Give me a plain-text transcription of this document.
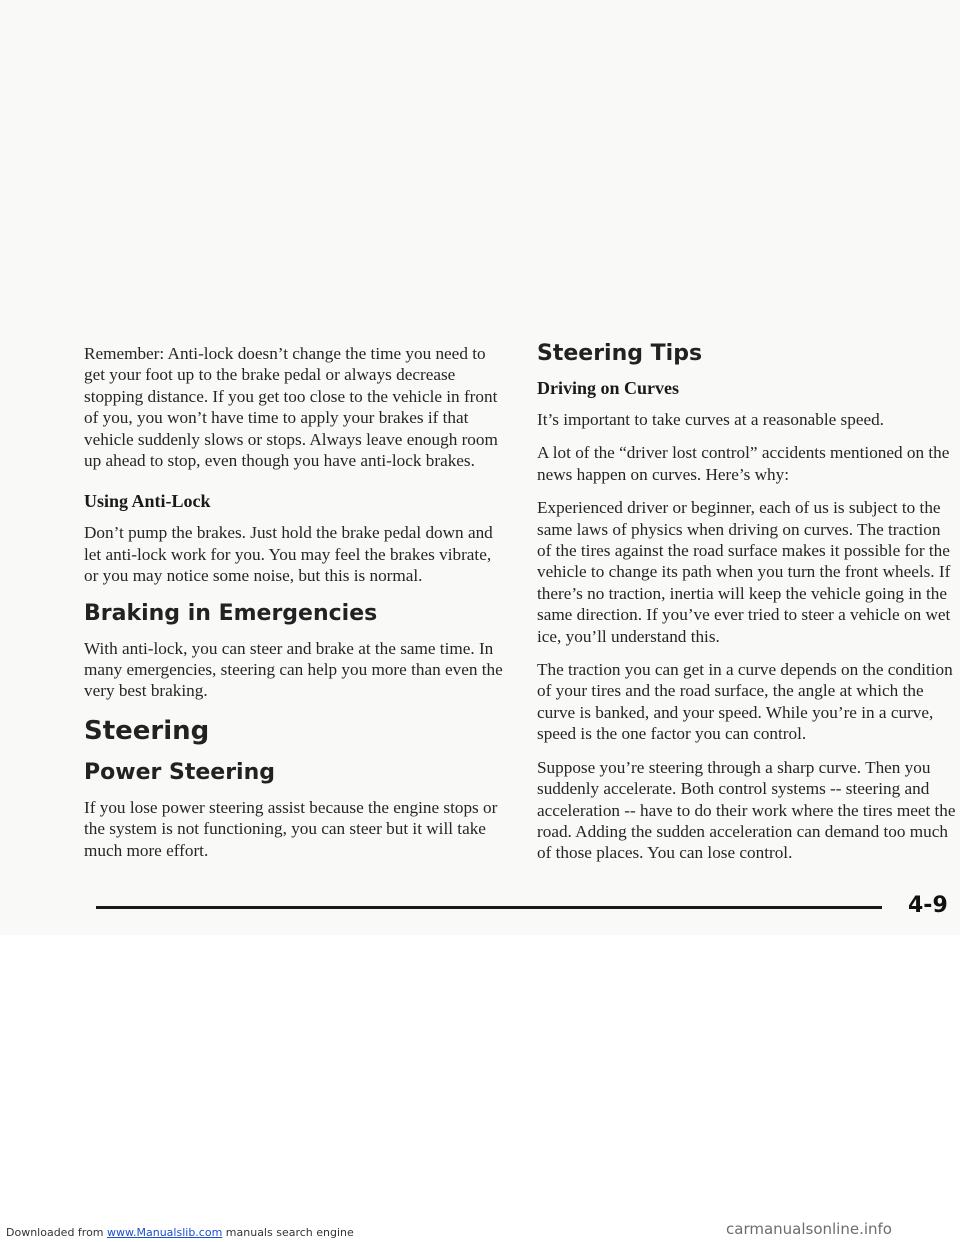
Remember: Anti-lock doesn’t change the time you need to get your foot up to the brake pedal or always decrease stopping distance. If you get too close to the vehicle in front of you, you won’t have time to apply your brakes if that vehicle suddenly slows or stops. Always leave enough room up ahead to stop, even though you have anti-lock brakes.

Using Anti-Lock

Don’t pump the brakes. Just hold the brake pedal down and let anti-lock work for you. You may feel the brakes vibrate, or you may notice some noise, but this is normal.

Braking in Emergencies

With anti-lock, you can steer and brake at the same time. In many emergencies, steering can help you more than even the very best braking.

Steering
Power Steering

If you lose power steering assist because the engine stops or the system is not functioning, you can steer but it will take much more effort.

Steering Tips
Driving on Curves

It’s important to take curves at a reasonable speed.

A lot of the “driver lost control” accidents mentioned on the news happen on curves. Here’s why:

Experienced driver or beginner, each of us is subject to the same laws of physics when driving on curves. The traction of the tires against the road surface makes it possible for the vehicle to change its path when you turn the front wheels. If there’s no traction, inertia will keep the vehicle going in the same direction. If you’ve ever tried to steer a vehicle on wet ice, you’ll understand this.

The traction you can get in a curve depends on the condition of your tires and the road surface, the angle at which the curve is banked, and your speed. While you’re in a curve, speed is the one factor you can control.

Suppose you’re steering through a sharp curve. Then you suddenly accelerate. Both control systems -- steering and acceleration -- have to do their work where the tires meet the road. Adding the sudden acceleration can demand too much of those places. You can lose control.

4-9
Downloaded from www.Manualslib.com manuals search engine	carmanualsonline.info
